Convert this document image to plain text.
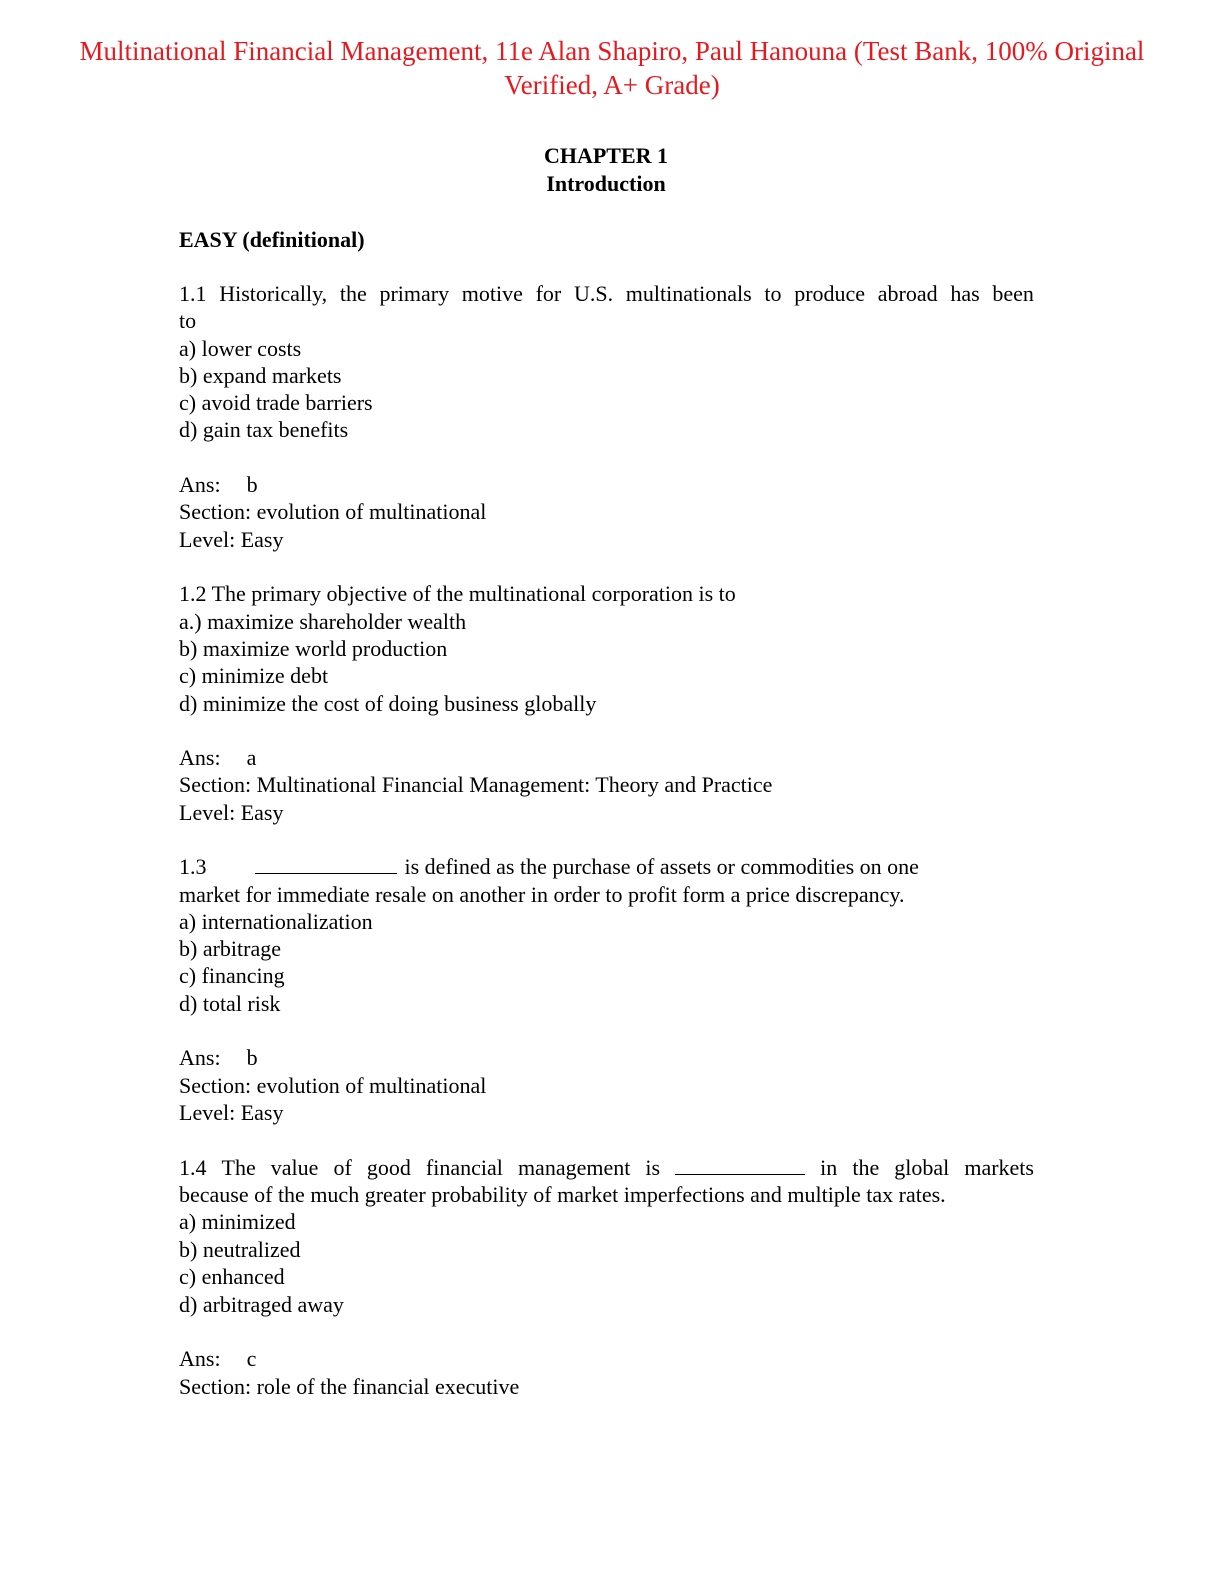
Multinational Financial Management, 11e Alan Shapiro, Paul Hanouna (Test Bank, 100% Original
Verified, A+ Grade)
CHAPTER 1
Introduction
EASY (definitional)
1.1 Historically, the primary motive for U.S. multinationals to produce abroad has been
to
a) lower costs
b) expand markets
c) avoid trade barriers
d) gain tax benefits
Ans: b
Section: evolution of multinational
Level: Easy
1.2 The primary objective of the multinational corporation is to
a.) maximize shareholder wealth
b) maximize world production
c) minimize debt
d) minimize the cost of doing business globally
Ans: a
Section: Multinational Financial Management: Theory and Practice
Level: Easy
1.3	is defined as the purchase of assets or commodities on one
market for immediate resale on another in order to profit form a price discrepancy.
a) internationalization
b) arbitrage
c) financing
d) total risk
Ans: b
Section: evolution of multinational
Level: Easy
1.4 The value of good financial management is	in the global markets
because of the much greater probability of market imperfections and multiple tax rates.
a) minimized
b) neutralized
c) enhanced
d) arbitraged away
Ans: c
Section: role of the financial executive
